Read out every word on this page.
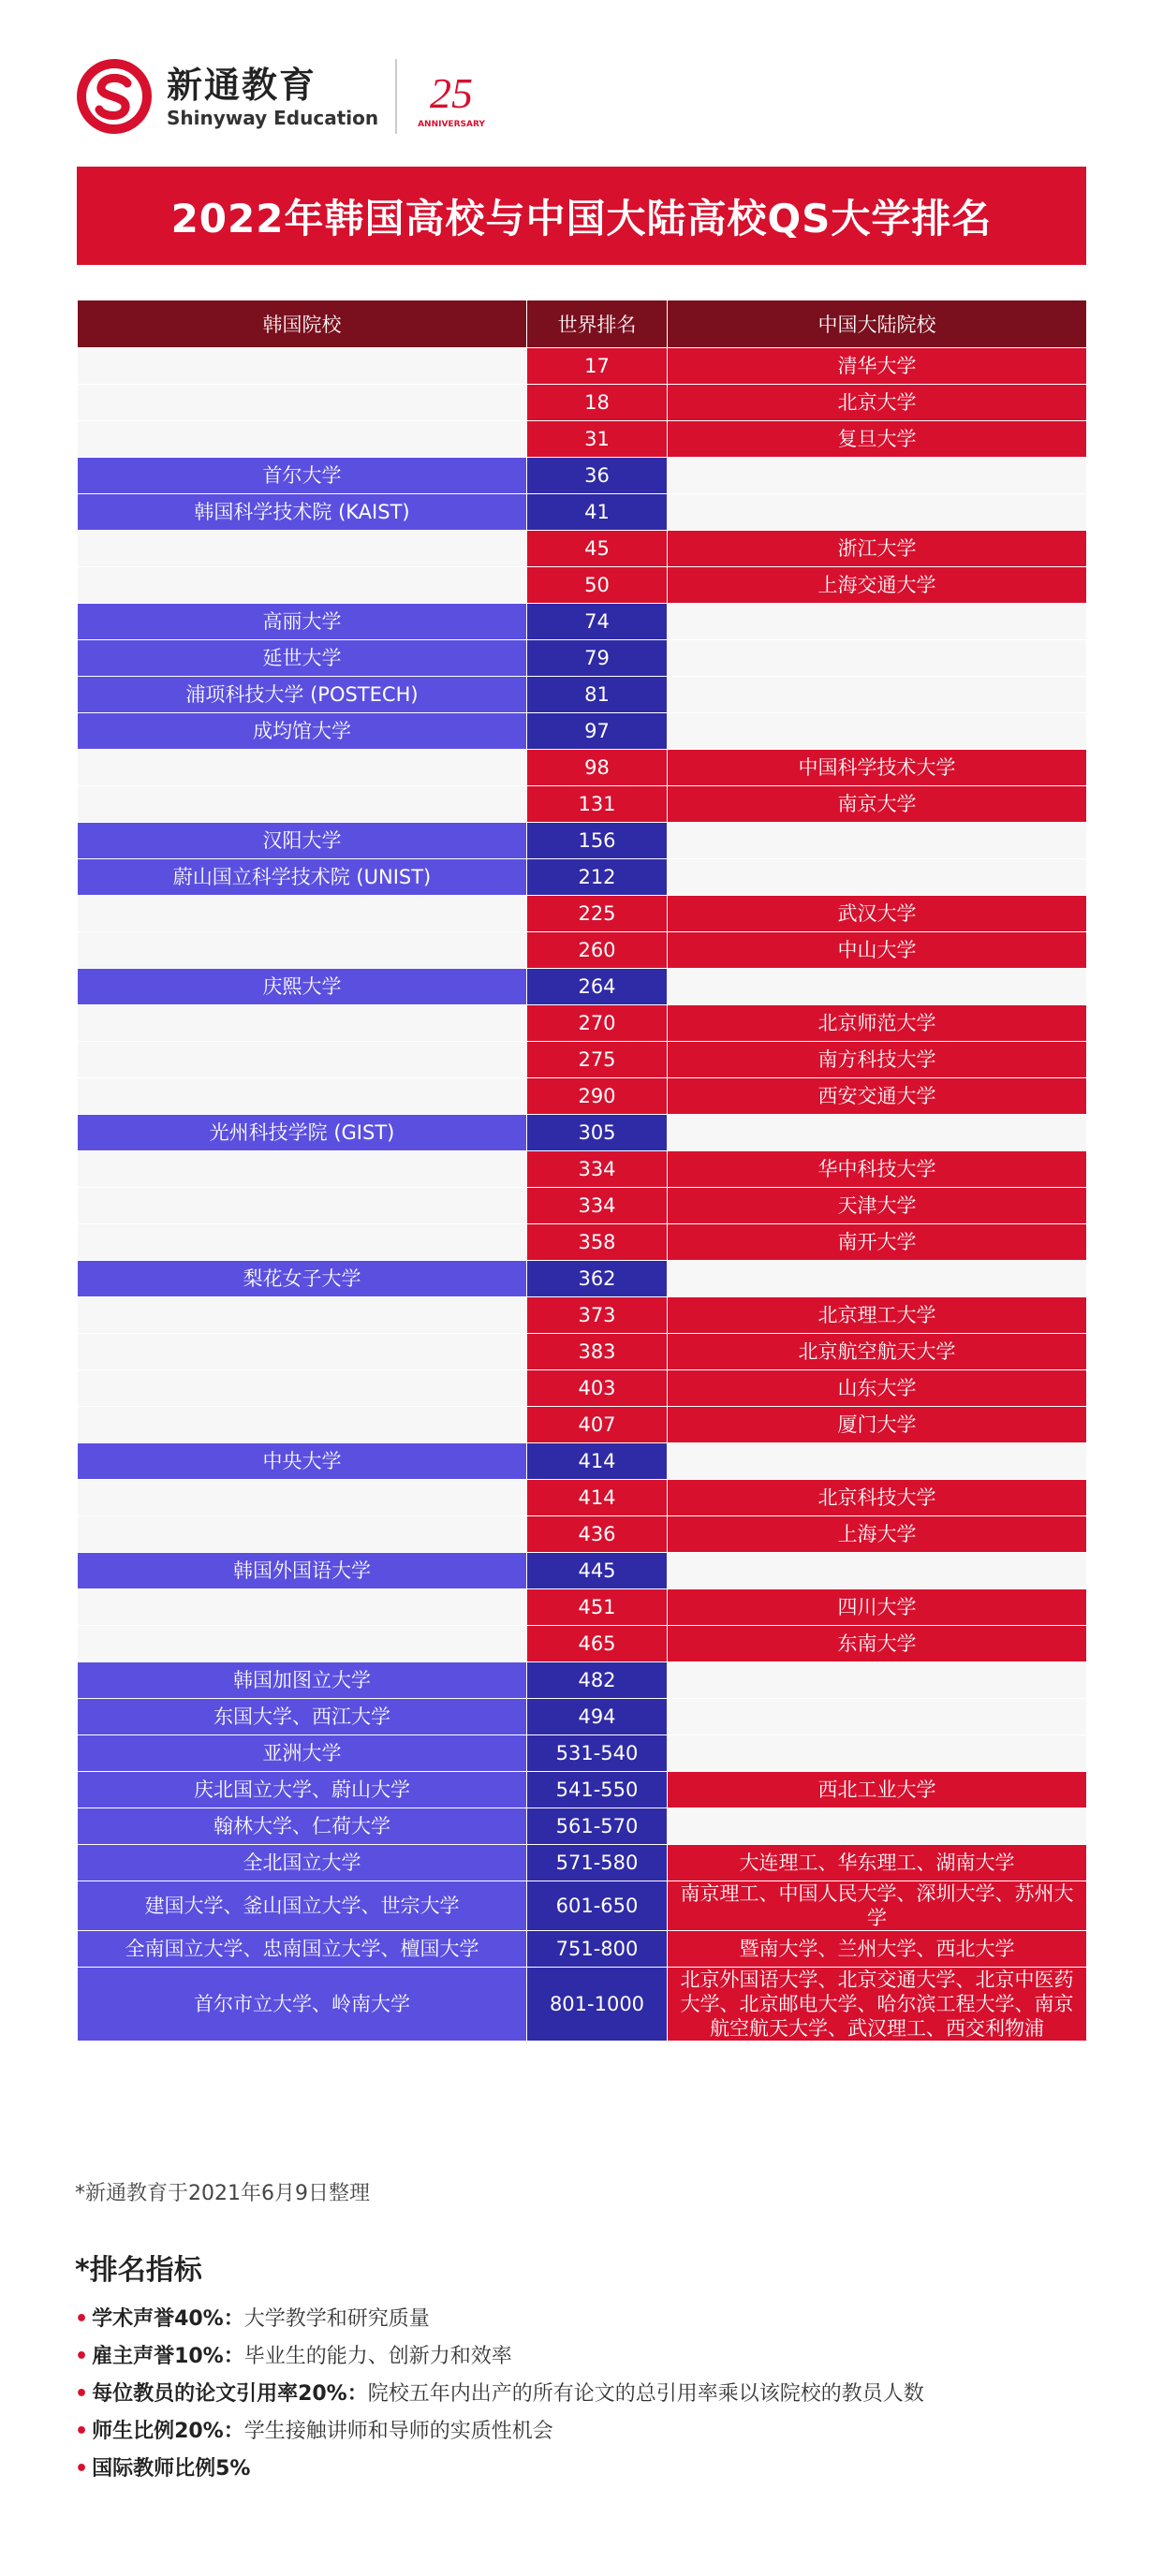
新通教育
Shinyway Education
25
ANNIVERSARY
2022年韩国高校与中国大陆高校QS大学排名
韩国院校	世界排名	中国大陆院校
	17	清华大学
	18	北京大学
	31	复旦大学
首尔大学	36	
韩国科学技术院 (KAIST)	41	
	45	浙江大学
	50	上海交通大学
高丽大学	74	
延世大学	79	
浦项科技大学 (POSTECH)	81	
成均馆大学	97	
	98	中国科学技术大学
	131	南京大学
汉阳大学	156	
蔚山国立科学技术院 (UNIST)	212	
	225	武汉大学
	260	中山大学
庆熙大学	264	
	270	北京师范大学
	275	南方科技大学
	290	西安交通大学
光州科技学院 (GIST)	305	
	334	华中科技大学
	334	天津大学
	358	南开大学
梨花女子大学	362	
	373	北京理工大学
	383	北京航空航天大学
	403	山东大学
	407	厦门大学
中央大学	414	
	414	北京科技大学
	436	上海大学
韩国外国语大学	445	
	451	四川大学
	465	东南大学
韩国加图立大学	482	
东国大学、西江大学	494	
亚洲大学	531-540	
庆北国立大学、蔚山大学	541-550	西北工业大学
翰林大学、仁荷大学	561-570	
全北国立大学	571-580	大连理工、华东理工、湖南大学
建国大学、釜山国立大学、世宗大学	601-650	南京理工、中国人民大学、深圳大学、苏州大学
全南国立大学、忠南国立大学、檀国大学	751-800	暨南大学、兰州大学、西北大学
首尔市立大学、岭南大学	801-1000	北京外国语大学、北京交通大学、北京中医药大学、北京邮电大学、哈尔滨工程大学、南京航空航天大学、武汉理工、西交利物浦
*新通教育于2021年6月9日整理
*排名指标
• 学术声誉40%：大学教学和研究质量
• 雇主声誉10%：毕业生的能力、创新力和效率
• 每位教员的论文引用率20%：院校五年内出产的所有论文的总引用率乘以该院校的教员人数
• 师生比例20%：学生接触讲师和导师的实质性机会
• 国际教师比例5%
